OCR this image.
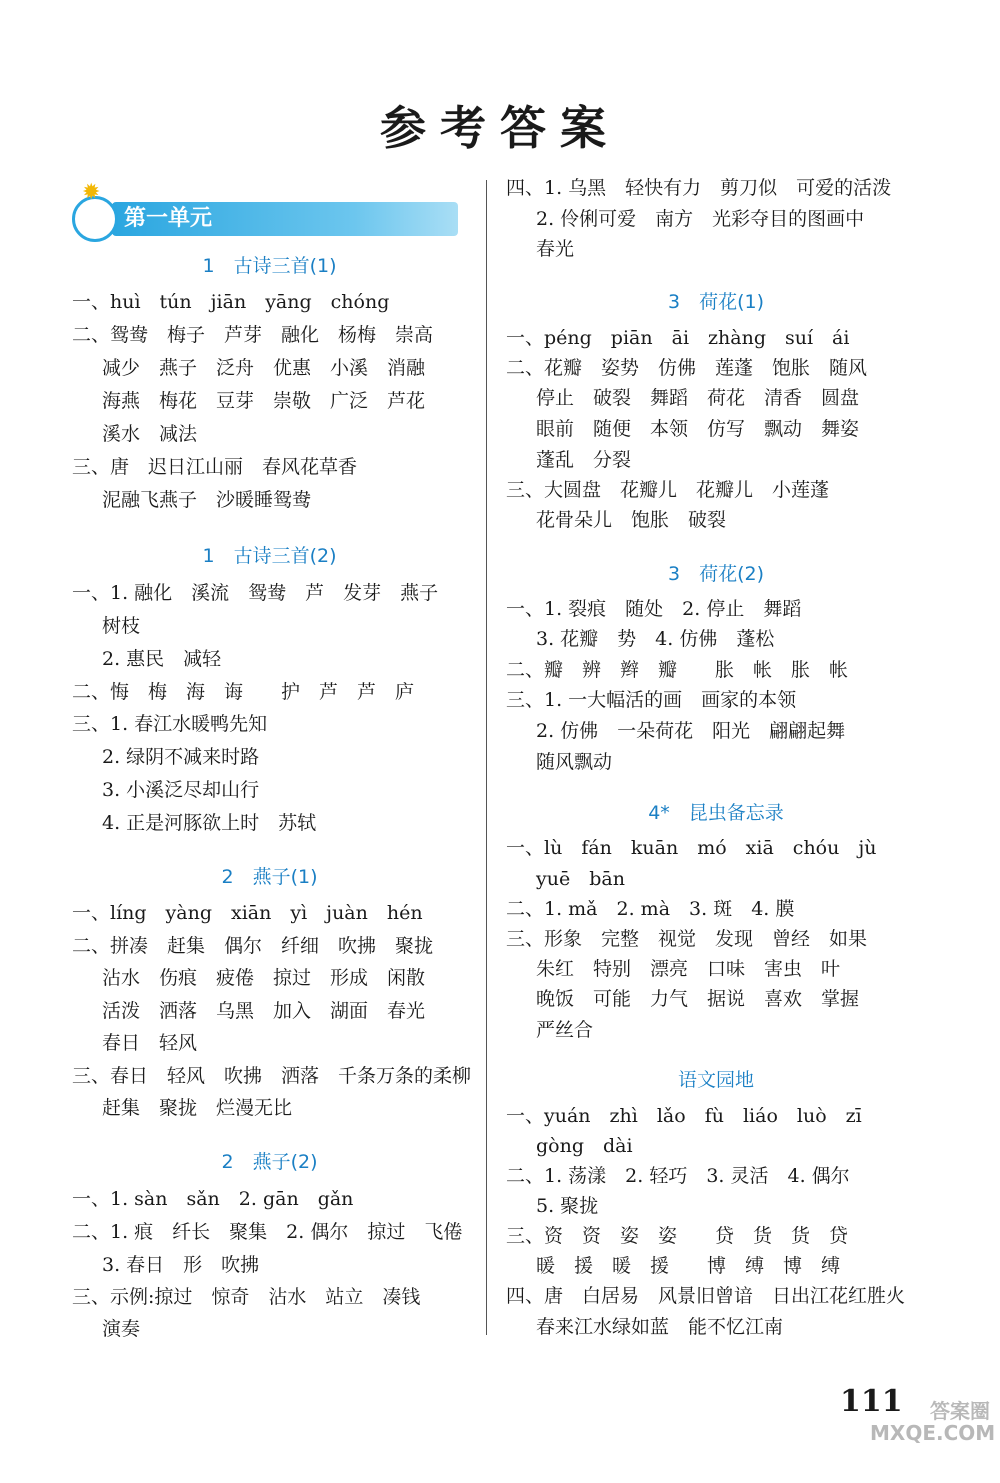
参考答案
✹
第一单元
1　古诗三首(1)
一、huì　tún　jiān　yāng　chóng
二、鸳鸯　梅子　芦芽　融化　杨梅　崇高
减少　燕子　泛舟　优惠　小溪　消融
海燕　梅花　豆芽　崇敬　广泛　芦花
溪水　减法
三、唐　迟日江山丽　春风花草香
泥融飞燕子　沙暖睡鸳鸯
1　古诗三首(2)
一、1. 融化　溪流　鸳鸯　芦　发芽　燕子
树枝
2. 惠民　减轻
二、悔　梅　海　诲　　护　芦　芦　庐
三、1. 春江水暖鸭先知
2. 绿阴不减来时路
3. 小溪泛尽却山行
4. 正是河豚欲上时　苏轼
2　燕子(1)
一、líng　yàng　xiān　yì　juàn　hén
二、拼凑　赶集　偶尔　纤细　吹拂　聚拢
沾水　伤痕　疲倦　掠过　形成　闲散
活泼　洒落　乌黑　加入　湖面　春光
春日　轻风
三、春日　轻风　吹拂　洒落　千条万条的柔柳
赶集　聚拢　烂漫无比
2　燕子(2)
一、1. sàn　sǎn　2. gān　gǎn
二、1. 痕　纤长　聚集　2. 偶尔　掠过　飞倦
3. 春日　形　吹拂
三、示例:掠过　惊奇　沾水　站立　凑钱
演奏
四、1. 乌黑　轻快有力　剪刀似　可爱的活泼
2. 伶俐可爱　南方　光彩夺目的图画中
春光
3　荷花(1)
一、péng　piān　āi　zhàng　suí　ái
二、花瓣　姿势　仿佛　莲蓬　饱胀　随风
停止　破裂　舞蹈　荷花　清香　圆盘
眼前　随便　本领　仿写　飘动　舞姿
蓬乱　分裂
三、大圆盘　花瓣儿　花瓣儿　小莲蓬
花骨朵儿　饱胀　破裂
3　荷花(2)
一、1. 裂痕　随处　2. 停止　舞蹈
3. 花瓣　势　4. 仿佛　蓬松
二、瓣　辨　辫　瓣　　胀　帐　胀　帐
三、1. 一大幅活的画　画家的本领
2. 仿佛　一朵荷花　阳光　翩翩起舞
随风飘动
4*　昆虫备忘录
一、lù　fán　kuān　mó　xiā　chóu　jù
yuē　bān
二、1. mǎ　2. mà　3. 斑　4. 膜
三、形象　完整　视觉　发现　曾经　如果
朱红　特别　漂亮　口味　害虫　叶
晚饭　可能　力气　据说　喜欢　掌握
严丝合
语文园地
一、yuán　zhì　lǎo　fù　liáo　luò　zī
gòng　dài
二、1. 荡漾　2. 轻巧　3. 灵活　4. 偶尔
5. 聚拢
三、资　资　姿　姿　　贷　货　货　贷
暖　援　暖　援　　博　缚　博　缚
四、唐　白居易　风景旧曾谙　日出江花红胜火
春来江水绿如蓝　能不忆江南
111	答案圈
MXQE.COM
